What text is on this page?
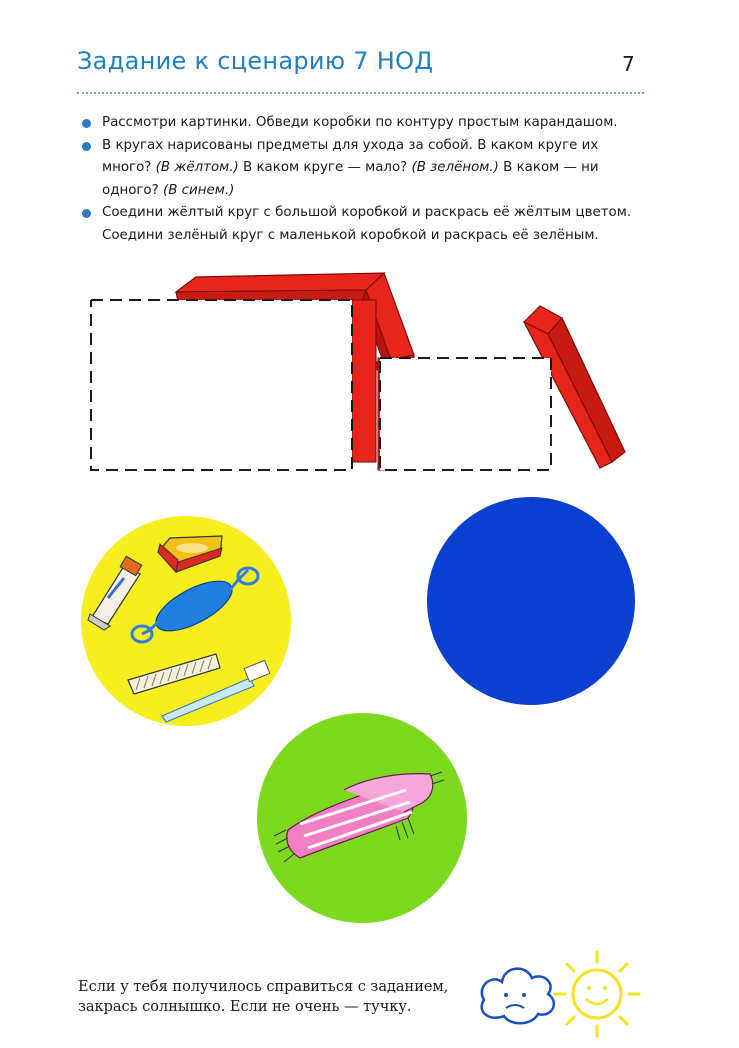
Задание к сценарию 7 НОД	7
Рассмотри картинки. Обведи коробки по контуру простым карандашом.
В кругах нарисованы предметы для ухода за собой. В каком круге их много? (В жёлтом.) В каком круге — мало? (В зелёном.) В каком — ни одного? (В синем.)
Соедини жёлтый круг с большой коробкой и раскрась её жёлтым цветом. Соедини зелёный круг с маленькой коробкой и раскрась её зелёным.
Если у тебя получилось справиться с заданием,
закрась солнышко. Если не очень — тучку.
